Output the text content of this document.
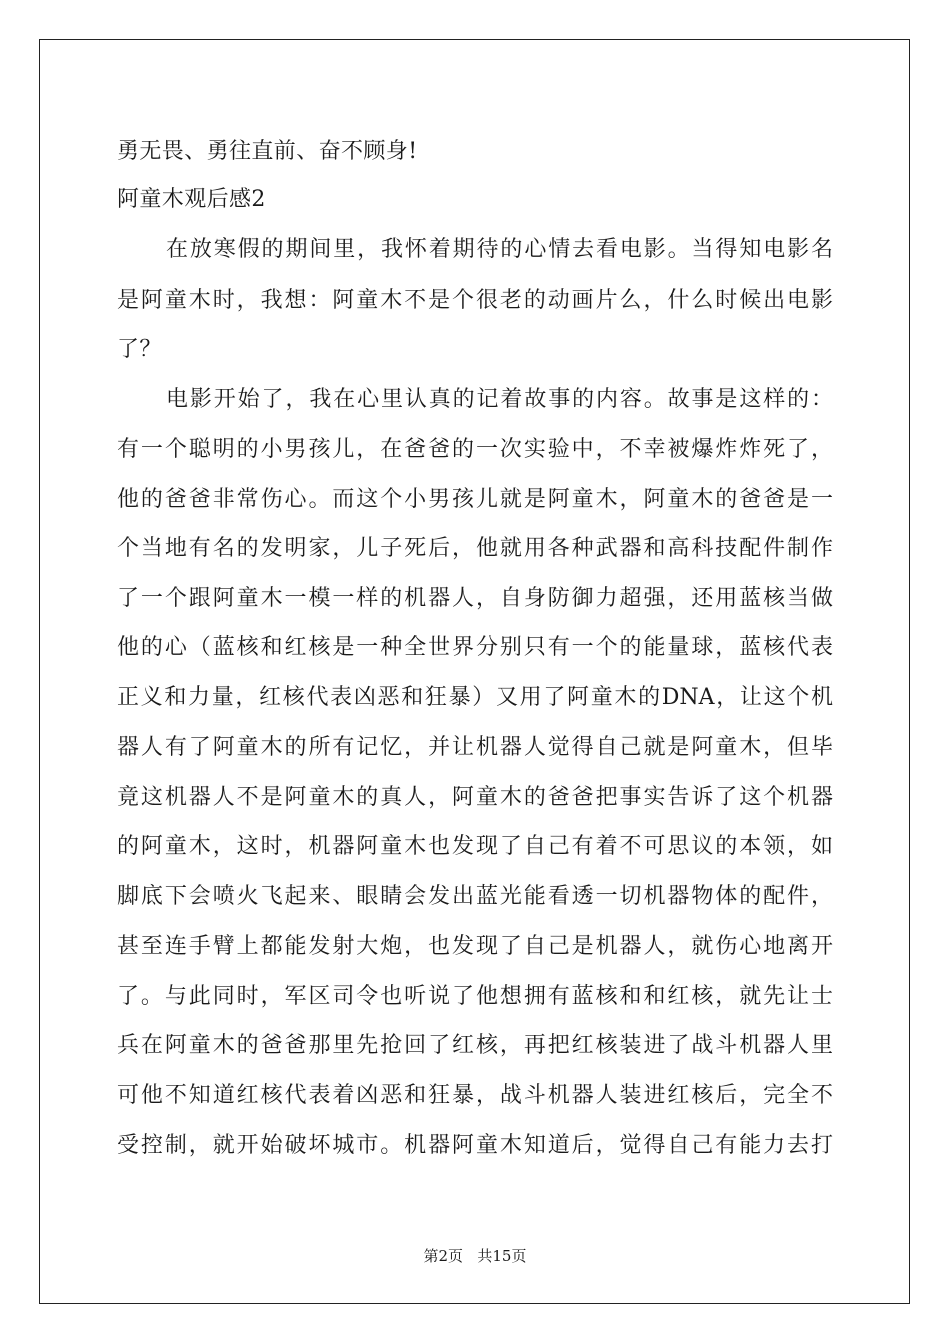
勇无畏、勇往直前、奋不顾身!
阿童木观后感2
在放寒假的期间里，我怀着期待的心情去看电影。当得知电影名
是阿童木时，我想：阿童木不是个很老的动画片么，什么时候出电影
了？
电影开始了，我在心里认真的记着故事的内容。故事是这样的：
有一个聪明的小男孩儿，在爸爸的一次实验中，不幸被爆炸炸死了，
他的爸爸非常伤心。而这个小男孩儿就是阿童木，阿童木的爸爸是一
个当地有名的发明家，儿子死后，他就用各种武器和高科技配件制作
了一个跟阿童木一模一样的机器人，自身防御力超强，还用蓝核当做
他的心（蓝核和红核是一种全世界分别只有一个的能量球，蓝核代表
正义和力量，红核代表凶恶和狂暴）又用了阿童木的DNA，让这个机
器人有了阿童木的所有记忆，并让机器人觉得自己就是阿童木，但毕
竟这机器人不是阿童木的真人，阿童木的爸爸把事实告诉了这个机器
的阿童木，这时，机器阿童木也发现了自己有着不可思议的本领，如
脚底下会喷火飞起来、眼睛会发出蓝光能看透一切机器物体的配件，
甚至连手臂上都能发射大炮，也发现了自己是机器人，就伤心地离开
了。与此同时，军区司令也听说了他想拥有蓝核和和红核，就先让士
兵在阿童木的爸爸那里先抢回了红核，再把红核装进了战斗机器人里
可他不知道红核代表着凶恶和狂暴，战斗机器人装进红核后，完全不
受控制，就开始破坏城市。机器阿童木知道后，觉得自己有能力去打
第2页 共15页
